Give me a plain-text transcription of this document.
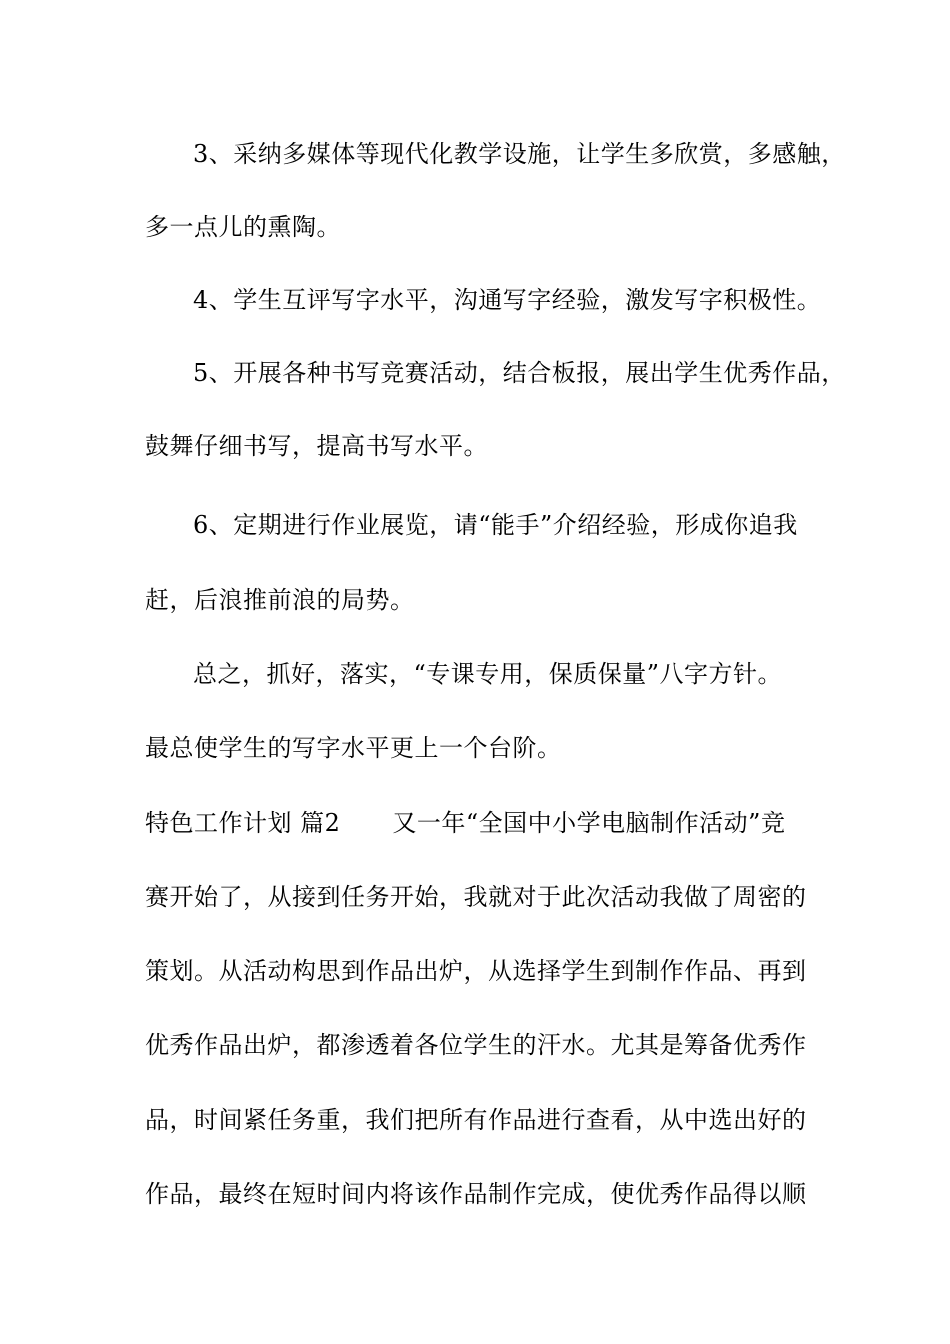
3、采纳多媒体等现代化教学设施，让学生多欣赏，多感触，
多一点儿的熏陶。
4、学生互评写字水平，沟通写字经验，激发写字积极性。
5、开展各种书写竞赛活动，结合板报，展出学生优秀作品，
鼓舞仔细书写，提高书写水平。
6、定期进行作业展览，请“能手”介绍经验，形成你追我
赶，后浪推前浪的局势。
总之，抓好，落实，“专课专用，保质保量”八字方针。
最总使学生的写字水平更上一个台阶。
特色工作计划 篇2 又一年“全国中小学电脑制作活动”竞
赛开始了，从接到任务开始，我就对于此次活动我做了周密的
策划。从活动构思到作品出炉，从选择学生到制作作品、再到
优秀作品出炉，都渗透着各位学生的汗水。尤其是筹备优秀作
品，时间紧任务重，我们把所有作品进行查看，从中选出好的
作品，最终在短时间内将该作品制作完成，使优秀作品得以顺
